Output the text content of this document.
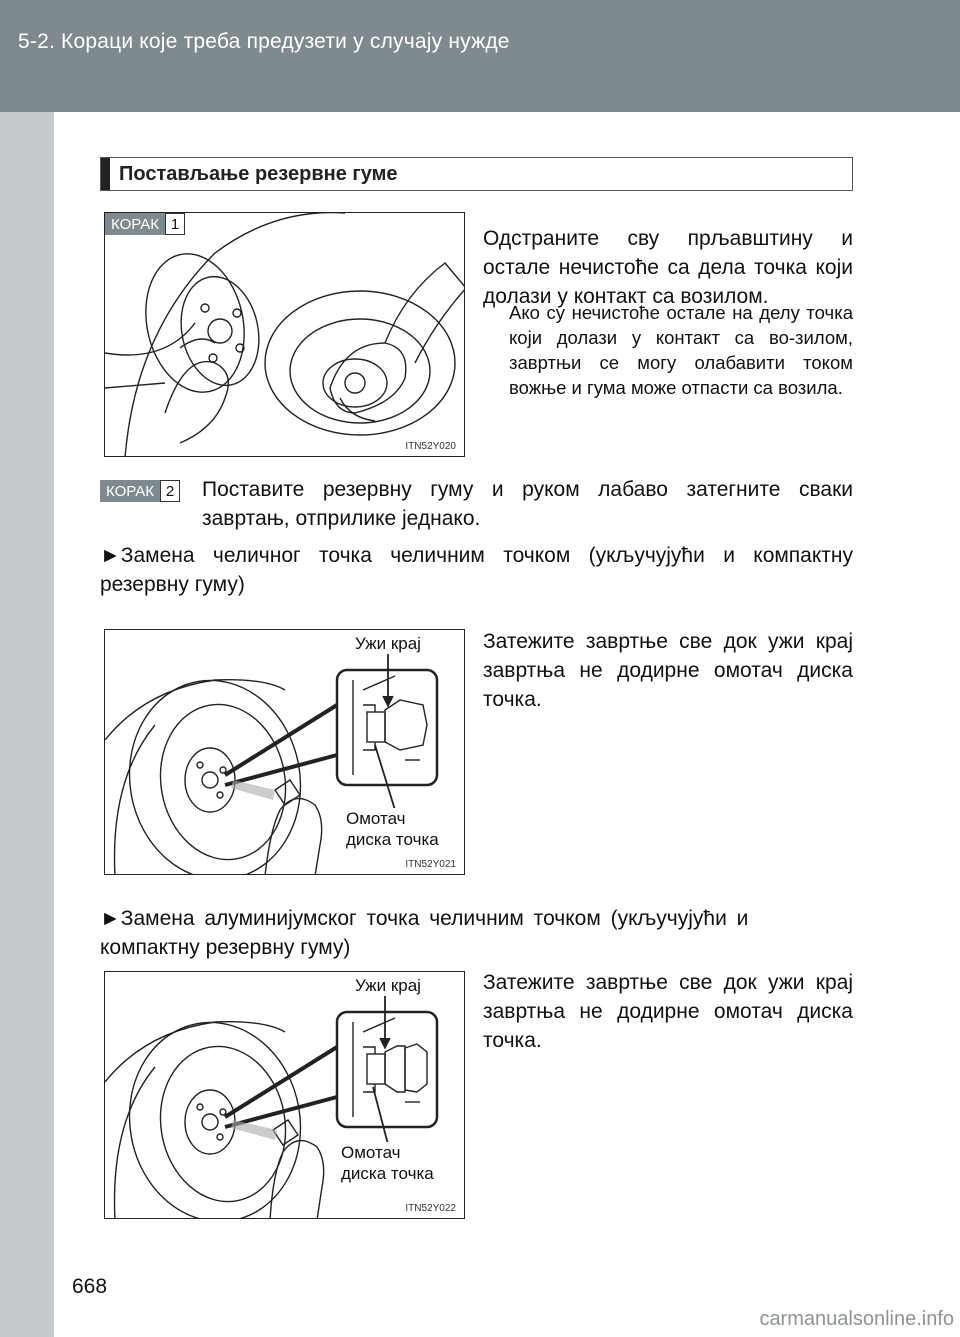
5-2. Кораци које треба предузети у случају нужде
Постављање резервне гуме
КОРАК 1
ITN52Y020
Одстраните сву прљавштину и остале нечистоће са дела точка који долази у контакт са возилом.
Ако су нечистоће остале на делу точка који долази у контакт са во-зилом, завртњи се могу олабавити током вожње и гума може отпасти са возила.
КОРАК 2 Поставите резервну гуму и руком лабаво затегните сваки завртањ, отприлике једнако.
►Замена челичног точка челичним точком (укључујући и компактну резервну гуму)
Ужи крај
Омотач
диска точка
ITN52Y021
Затежите завртње све док ужи крај завртња не додирне омотач диска точка.
►Замена алуминијумског точка челичним точком (укључујући и
компактну резервну гуму)
Ужи крај
Омотач
диска точка
ITN52Y022
Затежите завртње све док ужи крај завртња не додирне омотач диска точка.
668
carmanualsonline.info
